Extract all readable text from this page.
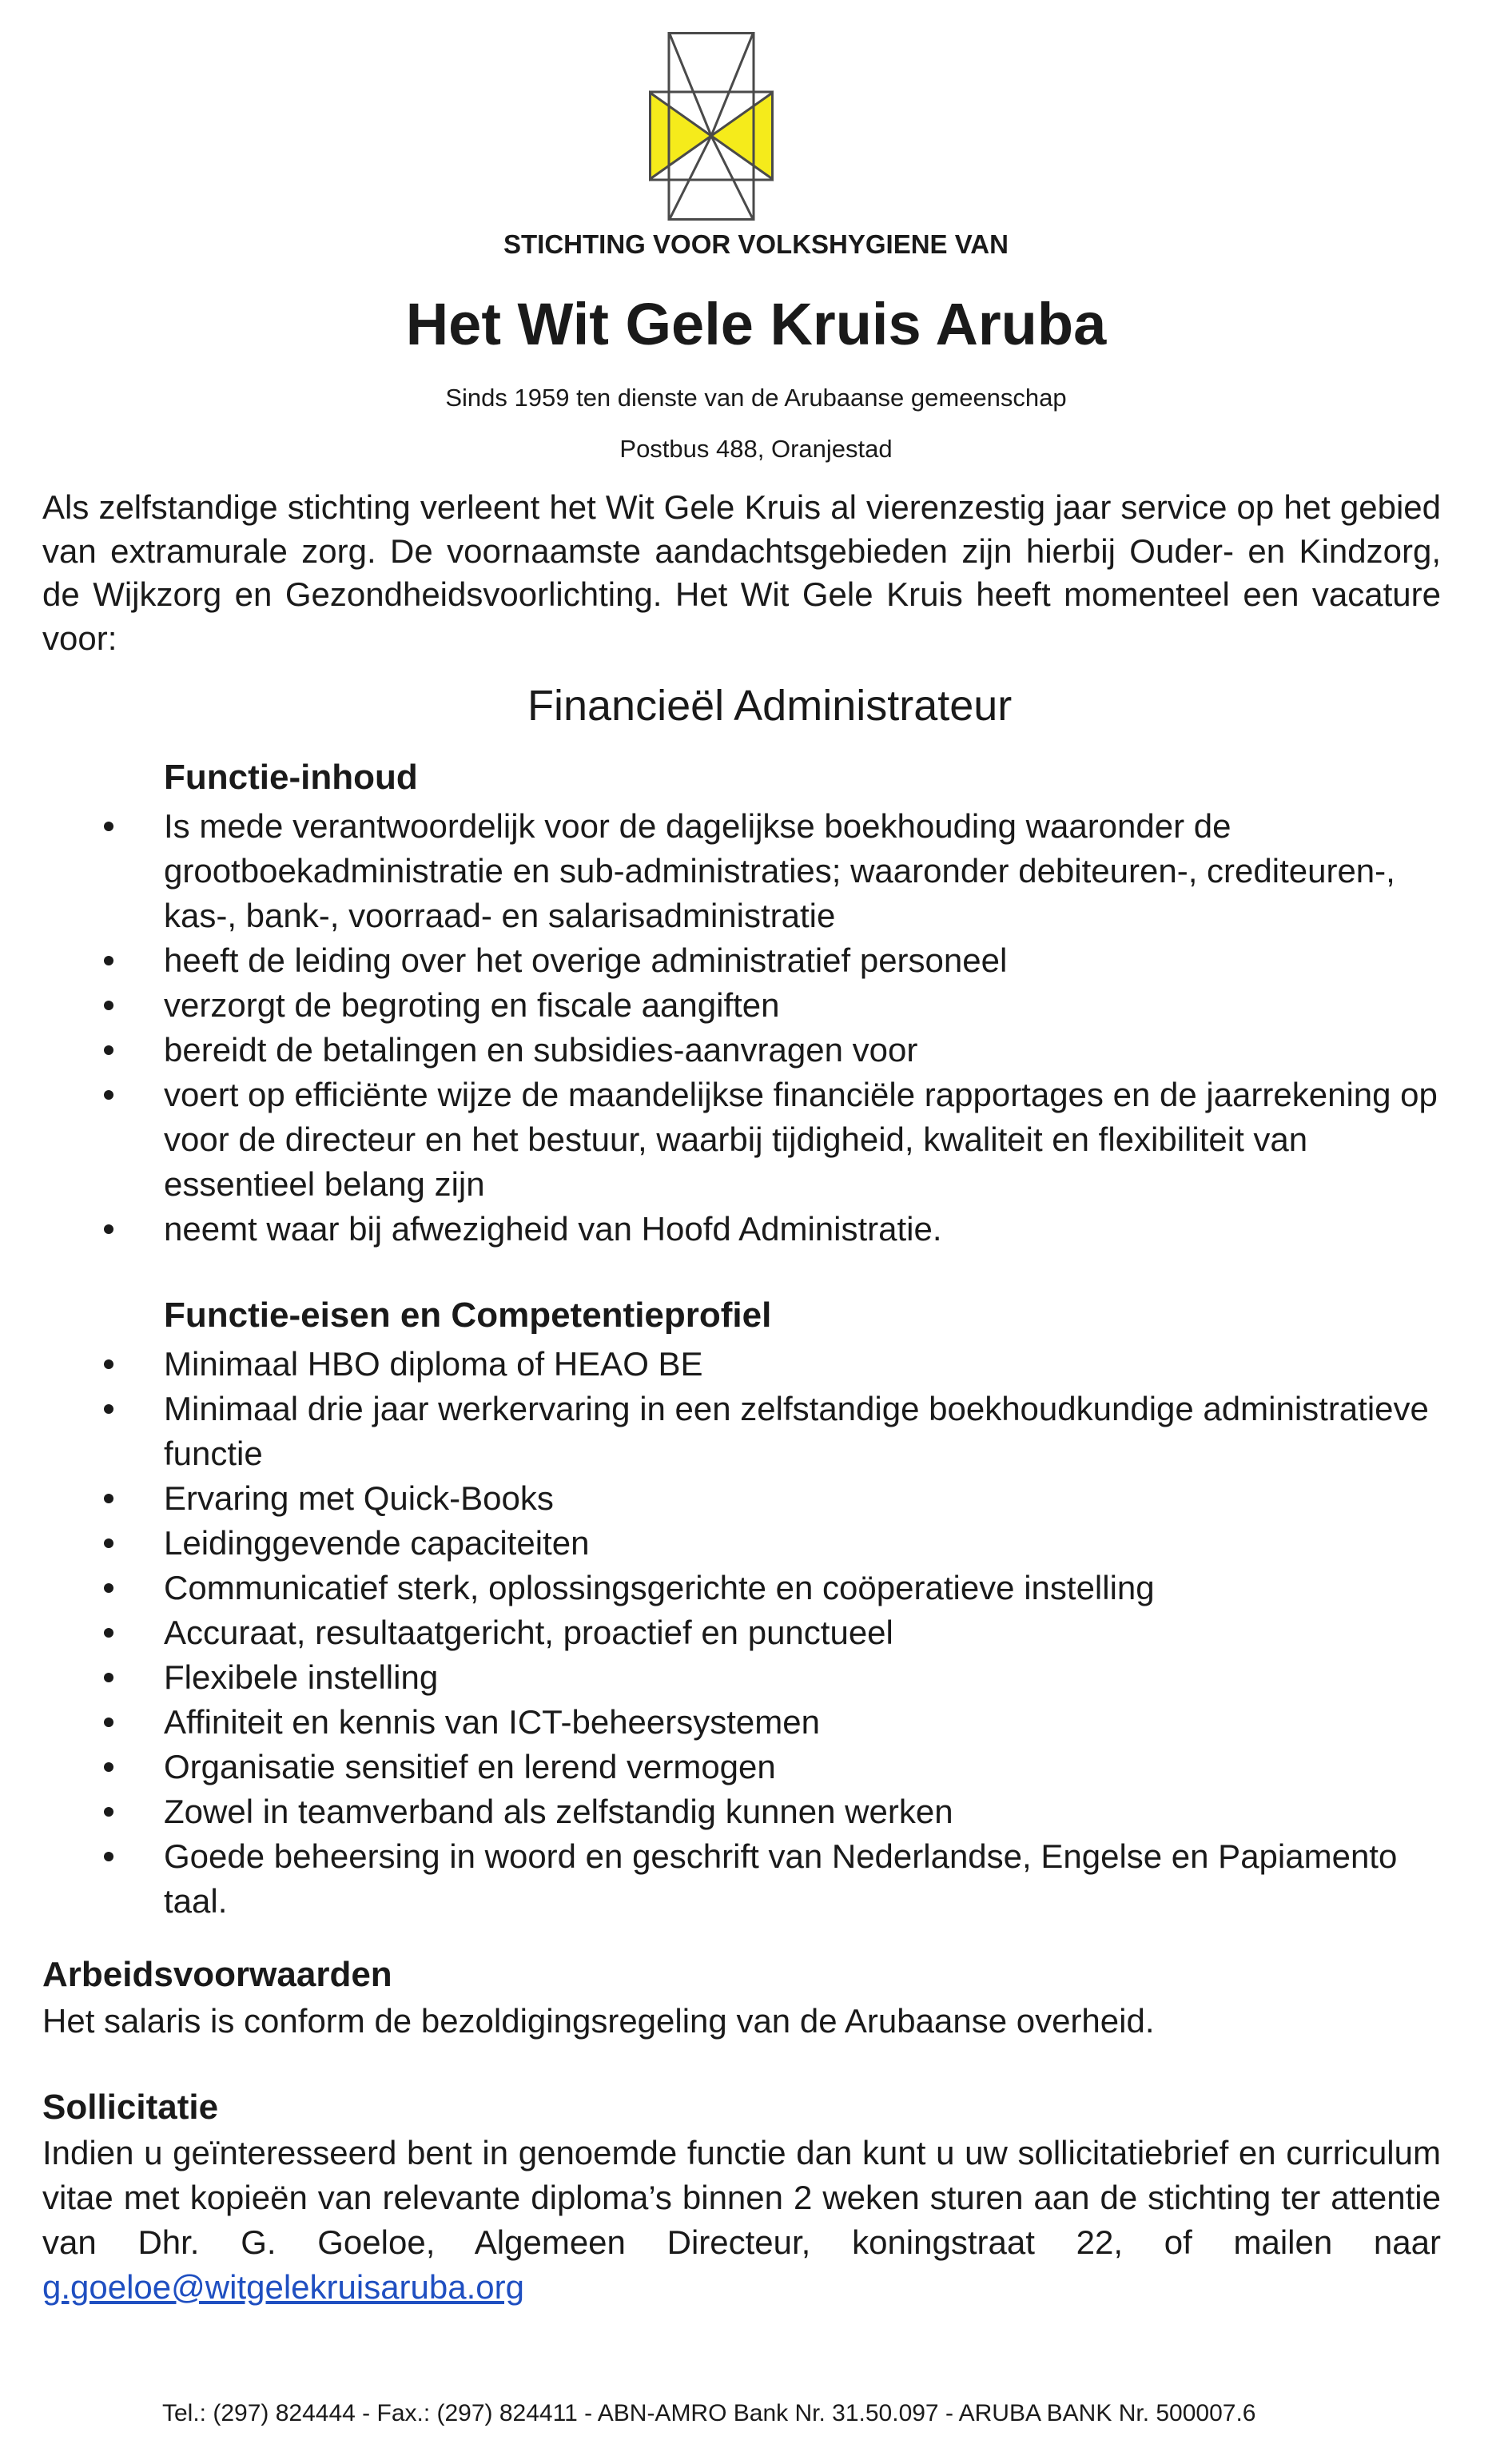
STICHTING VOOR VOLKSHYGIENE VAN
Het Wit Gele Kruis Aruba
Sinds 1959 ten dienste van de Arubaanse gemeenschap
Postbus 488, Oranjestad

Als zelfstandige stichting verleent het Wit Gele Kruis al vierenzestig jaar service op het gebied van extramurale zorg. De voornaamste aandachtsgebieden zijn hierbij Ouder- en Kindzorg, de Wijkzorg en Gezondheidsvoorlichting. Het Wit Gele Kruis heeft momenteel een vacature voor:

Financieël Administrateur
Functie-inhoud
Is mede verantwoordelijk voor de dagelijkse boekhouding waaronder de grootboekadministratie en sub-administraties; waaronder debiteuren-, crediteuren-, kas-, bank-, voorraad- en salarisadministratie
heeft de leiding over het overige administratief personeel
verzorgt de begroting en fiscale aangiften
bereidt de betalingen en subsidies-aanvragen voor
voert op efficiënte wijze de maandelijkse financiële rapportages en de jaarrekening op voor de directeur en het bestuur, waarbij tijdigheid, kwaliteit en flexibiliteit van essentieel belang zijn
neemt waar bij afwezigheid van Hoofd Administratie.
Functie-eisen en Competentieprofiel
Minimaal HBO diploma of HEAO BE
Minimaal drie jaar werkervaring in een zelfstandige boekhoudkundige administratieve functie
Ervaring met Quick-Books
Leidinggevende capaciteiten
Communicatief sterk, oplossingsgerichte en coöperatieve instelling
Accuraat, resultaatgericht, proactief en punctueel
Flexibele instelling
Affiniteit en kennis van ICT-beheersystemen
Organisatie sensitief en lerend vermogen
Zowel in teamverband als zelfstandig kunnen werken
Goede beheersing in woord en geschrift van Nederlandse, Engelse en Papiamento taal.
Arbeidsvoorwaarden

Het salaris is conform de bezoldigingsregeling van de Arubaanse overheid.

Sollicitatie

Indien u geïnteresseerd bent in genoemde functie dan kunt u uw sollicitatiebrief en curriculum vitae met kopieën van relevante diploma’s binnen 2 weken sturen aan de stichting ter attentie van Dhr. G. Goeloe, Algemeen Directeur, koningstraat 22, of mailen naar g.goeloe@witgelekruisaruba.org

Tel.: (297) 824444 - Fax.: (297) 824411 - ABN-AMRO Bank Nr. 31.50.097 - ARUBA BANK Nr. 500007.6
